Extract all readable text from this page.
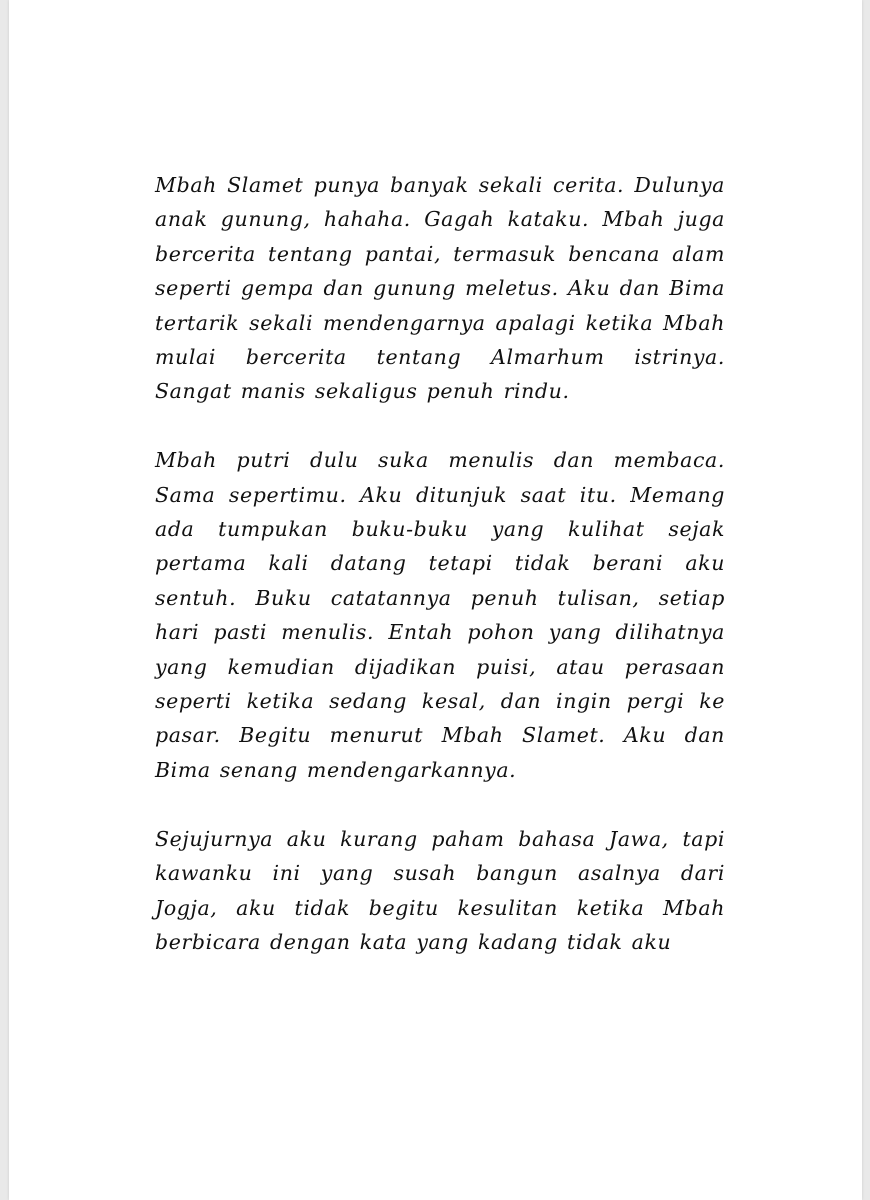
Mbah Slamet punya banyak sekali cerita. Dulunya anak gunung, hahaha. Gagah kataku. Mbah juga bercerita tentang pantai, termasuk bencana alam seperti gempa dan gunung meletus. Aku dan Bima tertarik sekali mendengarnya apalagi ketika Mbah mulai bercerita tentang Almarhum istrinya. Sangat manis sekaligus penuh rindu.

Mbah putri dulu suka menulis dan membaca. Sama sepertimu. Aku ditunjuk saat itu. Memang ada tumpukan buku-buku yang kulihat sejak pertama kali datang tetapi tidak berani aku sentuh. Buku catatannya penuh tulisan, setiap hari pasti menulis. Entah pohon yang dilihatnya yang kemudian dijadikan puisi, atau perasaan seperti ketika sedang kesal, dan ingin pergi ke pasar. Begitu menurut Mbah Slamet. Aku dan Bima senang mendengarkannya.

Sejujurnya aku kurang paham bahasa Jawa, tapi kawanku ini yang susah bangun asalnya dari Jogja, aku tidak begitu kesulitan ketika Mbah berbicara dengan kata yang kadang tidak aku
